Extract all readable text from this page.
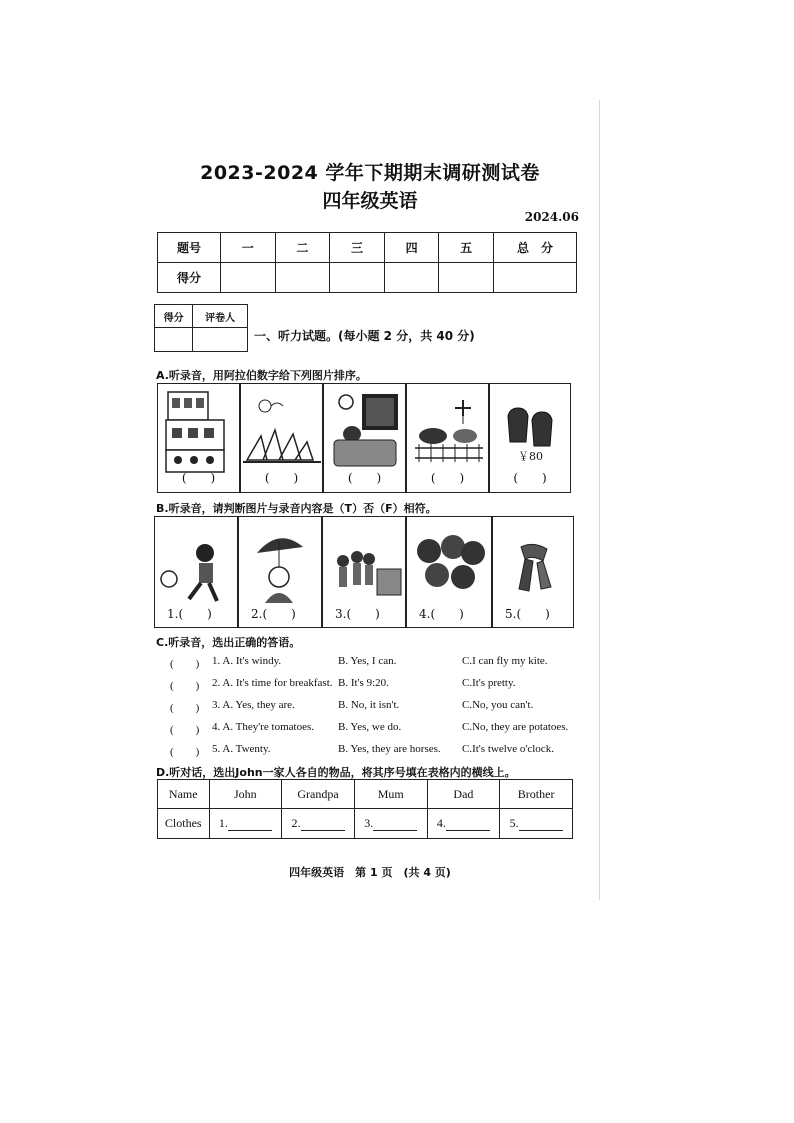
2023-2024 学年下期期末调研测试卷
四年级英语
2024.06
题号	一	二	三	四	五	总　分
得分						
得分	评卷人

一、听力试题。(每小题 2 分，共 40 分)
A.听录音，用阿拉伯数字给下列图片排序。
(　　)	(　　)	(　　)	(　　)
￥80
(　　)
B.听录音，请判断图片与录音内容是（T）否（F）相符。
1.(　　)	2.(　　)	3.(　　)	4.(　　)	5.(　　)
C.听录音，选出正确的答语。
(　　) 1. A. It's windy.	B. Yes, I can.	C.I can fly my kite.
(　　) 2. A. It's time for breakfast. B. It's 9:20.	C.It's pretty.
(　　) 3. A. Yes, they are.	B. No, it isn't.	C.No, you can't.
(　　) 4. A. They're tomatoes. B. Yes, we do.	C.No, they are potatoes.
(　　) 5. A. Twenty.	B. Yes, they are horses. C.It's twelve o'clock.
D.听对话，选出John一家人各自的物品，将其序号填在表格内的横线上。
Name	John	Grandpa	Mum	Dad	Brother
Clothes	1.	2.	3.	4.	5.
四年级英语　第 1 页　(共 4 页)
